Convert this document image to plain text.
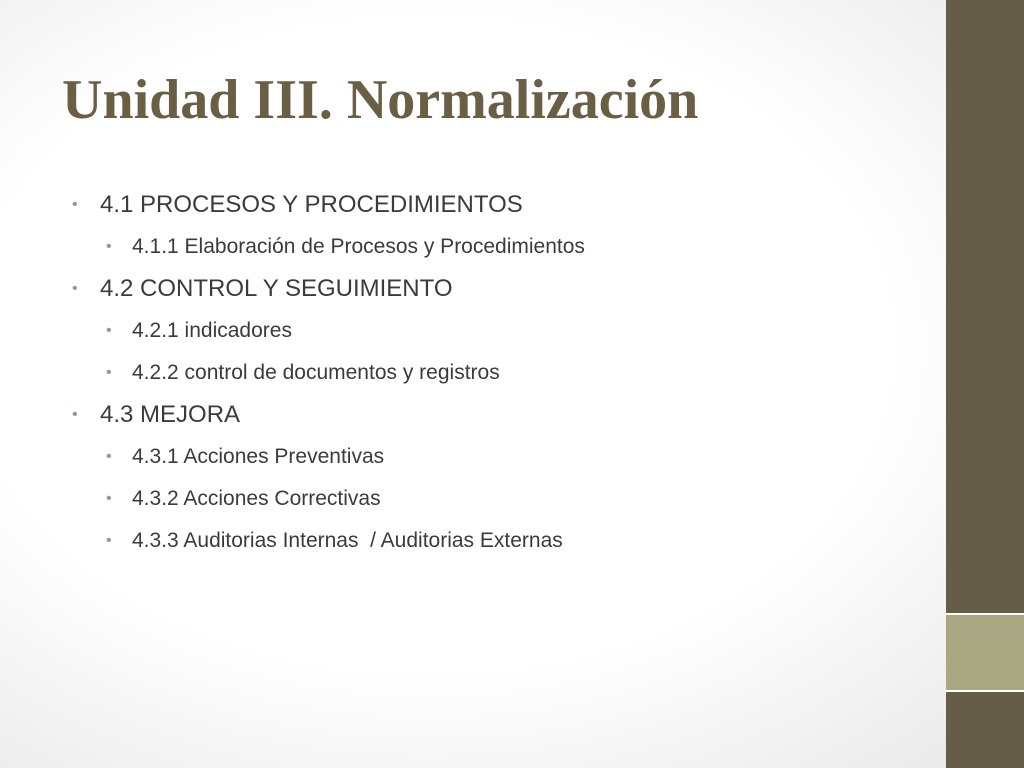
Unidad III. Normalización
• 4.1 PROCESOS Y PROCEDIMIENTOS
• 4.1.1 Elaboración de Procesos y Procedimientos
• 4.2 CONTROL Y SEGUIMIENTO
• 4.2.1 indicadores
• 4.2.2 control de documentos y registros
• 4.3 MEJORA
• 4.3.1 Acciones Preventivas
• 4.3.2 Acciones Correctivas
• 4.3.3 Auditorias Internas  / Auditorias Externas
